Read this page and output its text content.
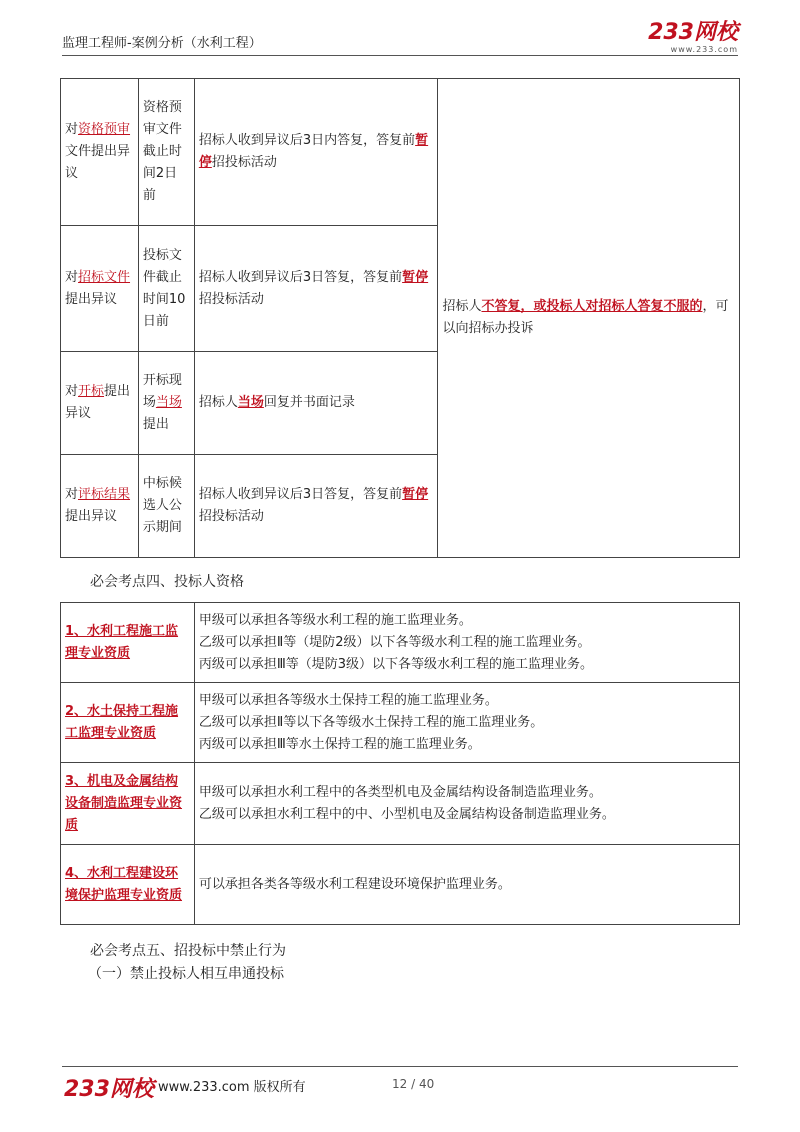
监理工程师-案例分析（水利工程）	233网校
www.233.com
对资格预审文件提出异议	资格预审文件截止时间2日前	招标人收到异议后3日内答复，答复前暂停招投标活动	招标人不答复，或投标人对招标人答复不服的，可以向招标办投诉
对招标文件提出异议	投标文件截止时间10日前	招标人收到异议后3日答复，答复前暂停招投标活动	
对开标提出异议	开标现场当场提出	招标人当场回复并书面记录	
对评标结果提出异议	中标候选人公示期间	招标人收到异议后3日答复，答复前暂停招投标活动	
必会考点四、投标人资格
1、水利工程施工监理专业资质	甲级可以承担各等级水利工程的施工监理业务。
乙级可以承担Ⅱ等（堤防2级）以下各等级水利工程的施工监理业务。
丙级可以承担Ⅲ等（堤防3级）以下各等级水利工程的施工监理业务。

2、水土保持工程施工监理专业资质	甲级可以承担各等级水土保持工程的施工监理业务。
乙级可以承担Ⅱ等以下各等级水土保持工程的施工监理业务。
丙级可以承担Ⅲ等水土保持工程的施工监理业务。

3、机电及金属结构设备制造监理专业资质	甲级可以承担水利工程中的各类型机电及金属结构设备制造监理业务。
乙级可以承担水利工程中的中、小型机电及金属结构设备制造监理业务。

4、水利工程建设环境保护监理专业资质	可以承担各类各等级水利工程建设环境保护监理业务。
必会考点五、招投标中禁止行为
（一）禁止投标人相互串通投标
233网校 www.233.com 版权所有	12 / 40
